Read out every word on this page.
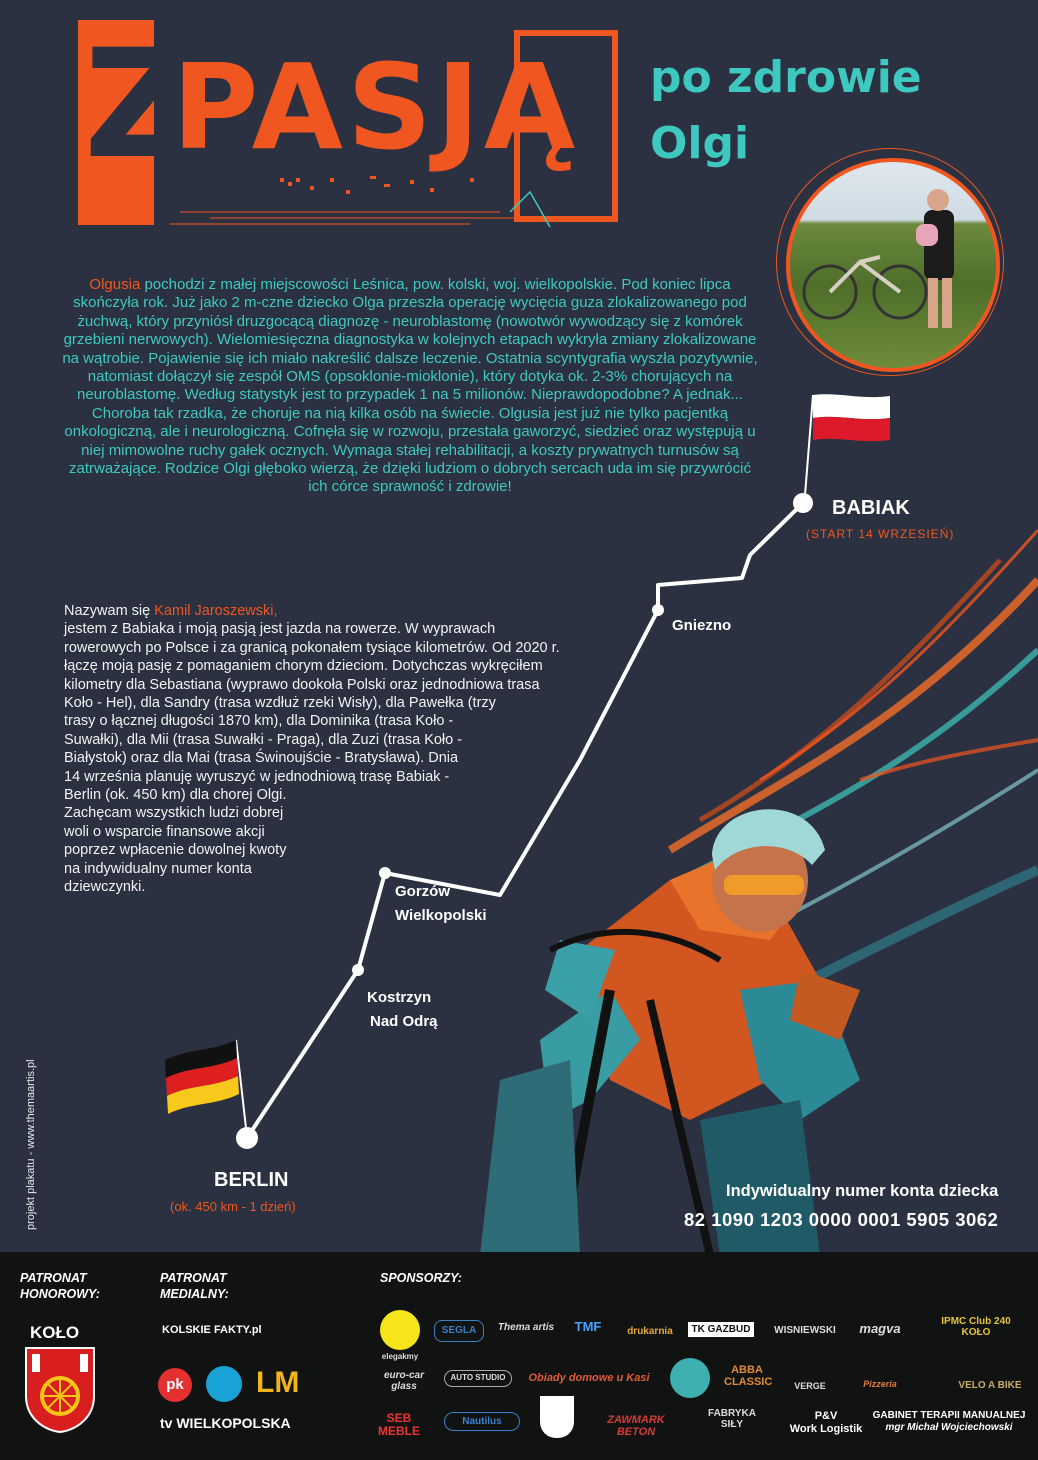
Z
PASJĄ po zdrowie
Olgi
Olgusia pochodzi z małej miejscowości Leśnica, pow. kolski, woj. wielkopolskie. Pod koniec lipca skończyła rok. Już jako 2 m-czne dziecko Olga przeszła operację wycięcia guza zlokalizowanego pod żuchwą, który przyniósł druzgocącą diagnozę - neuroblastomę (nowotwór wywodzący się z komórek grzebieni nerwowych). Wielomiesięczna diagnostyka w kolejnych etapach wykryła zmiany zlokalizowane na wątrobie. Pojawienie się ich miało nakreślić dalsze leczenie. Ostatnia scyntygrafia wyszła pozytywnie, natomiast dołączył się zespół OMS (opsoklonie-mioklonie), który dotyka ok. 2-3% chorujących na neuroblastomę. Według statystyk jest to przypadek 1 na 5 milionów. Nieprawdopodobne? A jednak... Choroba tak rzadka, że choruje na nią kilka osób na świecie. Olgusia jest już nie tylko pacjentką onkologiczną, ale i neurologiczną. Cofnęła się w rozwoju, przestała gaworzyć, siedzieć oraz występują u niej mimowolne ruchy gałek ocznych. Wymaga stałej rehabilitacji, a koszty prywatnych turnusów są zatrważające. Rodzice Olgi głęboko wierzą, że dzięki ludziom o dobrych sercach uda im się przywrócić ich córce sprawność i zdrowie!
Nazywam się Kamil Jaroszewski,
jestem z Babiaka i moją pasją jest jazda na rowerze. W wyprawach
rowerowych po Polsce i za granicą pokonałem tysiące kilometrów. Od 2020 r.
łączę moją pasję z pomaganiem chorym dzieciom. Dotychczas wykręciłem
kilometry dla Sebastiana (wyprawo dookoła Polski oraz jednodniowa trasa
Koło - Hel), dla Sandry (trasa wzdłuż rzeki Wisły), dla Pawełka (trzy
trasy o łącznej długości 1870 km), dla Dominika (trasa Koło -
Suwałki), dla Mii (trasa Suwałki - Praga), dla Zuzi (trasa Koło -
Białystok) oraz dla Mai (trasa Świnoujście - Bratysława). Dnia
14 września planuję wyruszyć w jednodniową trasę Babiak -
Berlin (ok. 450 km) dla chorej Olgi.
Zachęcam wszystkich ludzi dobrej
woli o wsparcie finansowe akcji
poprzez wpłacenie dowolnej kwoty
na indywidualny numer konta
dziewczynki.
BABIAK
(START 14 WRZESIEŃ)
Gniezno
Gorzów
Wielkopolski
Kostrzyn
Nad Odrą
BERLIN
(ok. 450 km - 1 dzień)
Indywidualny numer konta dziecka
82 1090 1203 0000 0001 5905 3062
projekt plakatu - www.themaartis.pl
PATRONAT
HONOROWY:
PATRONAT
MEDIALNY:
SPONSORZY:
KOŁO	KOLSKIE FAKTY.pl
pk LM
tv WIELKOPOLSKA
elegakmy
SEGLA	Thema artis	TMF	drukarnia	TK GAZBUD	WISNIEWSKI	magva	IPMC Club 240 KOŁO
euro-car glass
AUTO STUDIO	Obiady domowe u Kasi
ABBA CLASSIC	VERGE	Pizzeria	VELO A BIKE
SEB MEBLE
Nautilus	ZAWMARK BETON
FABRYKA SIŁY
P&V
Work Logistik
GABINET TERAPII MANUALNEJ
mgr Michał Wojciechowski
